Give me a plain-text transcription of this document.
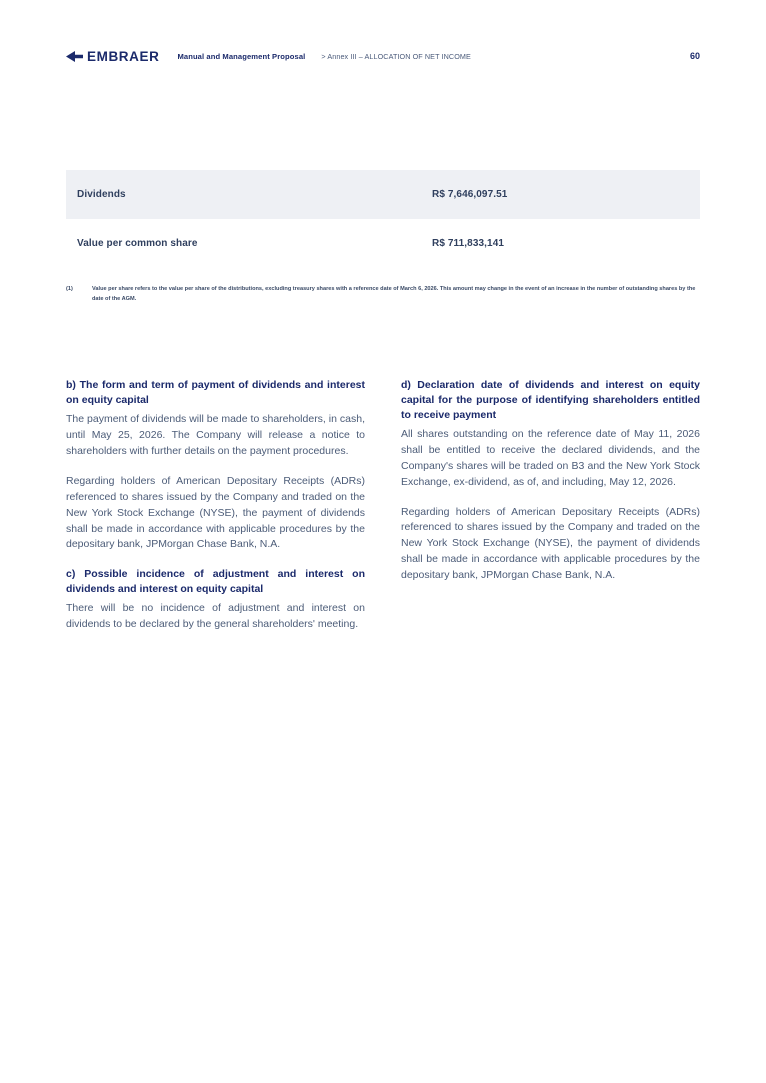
EMBRAER Manual and Management Proposal > Annex III – ALLOCATION OF NET INCOME	60
Dividends	R$ 7,646,097.51
Value per common share	R$ 711,833,141
(1)	Value per share refers to the value per share of the distributions, excluding treasury shares with a reference date of March 6, 2026. This amount may change in the event of an increase in the number of outstanding shares by the date of the AGM.
b) The form and term of payment of dividends and interest on equity capital

The payment of dividends will be made to shareholders, in cash, until May 25, 2026. The Company will release a notice to shareholders with further details on the payment procedures.

Regarding holders of American Depositary Receipts (ADRs) referenced to shares issued by the Company and traded on the New York Stock Exchange (NYSE), the payment of dividends shall be made in accordance with applicable procedures by the depositary bank, JPMorgan Chase Bank, N.A.

c) Possible incidence of adjustment and interest on dividends and interest on equity capital

There will be no incidence of adjustment and interest on dividends to be declared by the general shareholders' meeting.

d) Declaration date of dividends and interest on equity capital for the purpose of identifying shareholders entitled to receive payment

All shares outstanding on the reference date of May 11, 2026 shall be entitled to receive the declared dividends, and the Company's shares will be traded on B3 and the New York Stock Exchange, ex-dividend, as of, and including, May 12, 2026.

Regarding holders of American Depositary Receipts (ADRs) referenced to shares issued by the Company and traded on the New York Stock Exchange (NYSE), the payment of dividends shall be made in accordance with applicable procedures by the depositary bank, JPMorgan Chase Bank, N.A.
